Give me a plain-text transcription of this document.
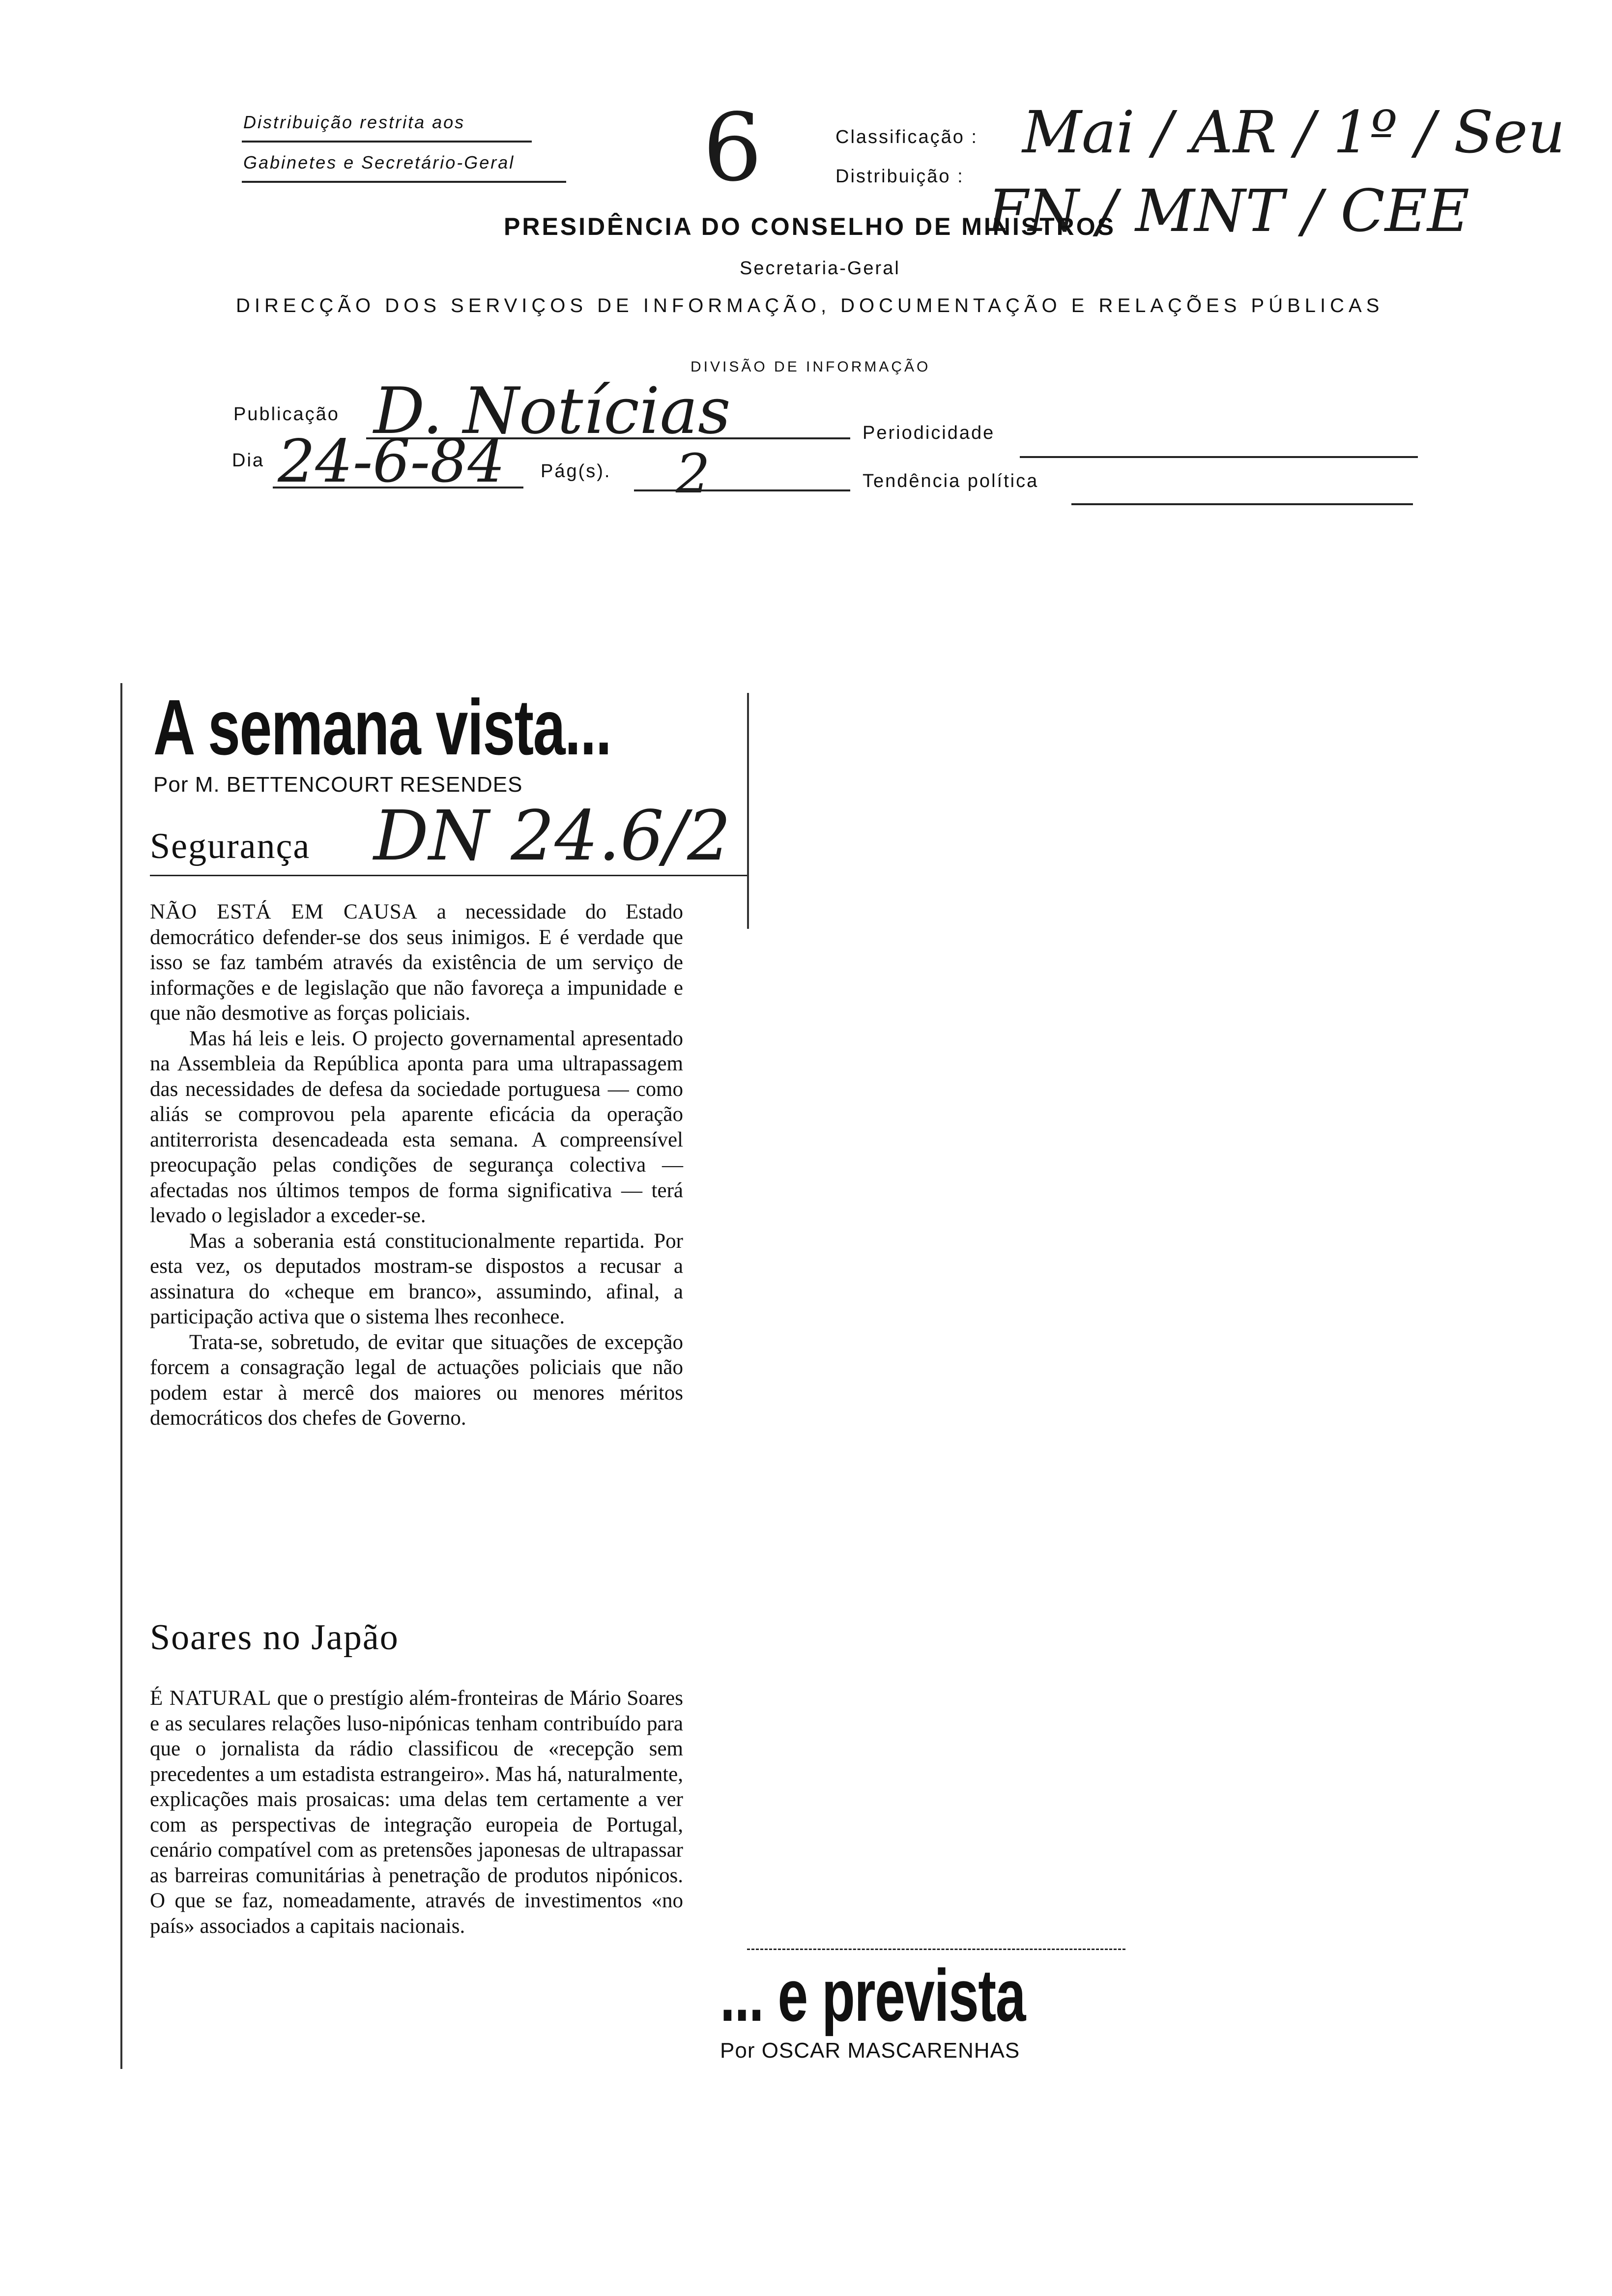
Distribuição restrita aos
Gabinetes e Secretário-Geral 6	Classificação :
Distribuição :
Mai / AR / 1º / Seu
FN / MNT / CEE
PRESIDÊNCIA DO CONSELHO DE MINISTROS
Secretaria-Geral
DIRECÇÃO DOS SERVIÇOS DE INFORMAÇÃO, DOCUMENTAÇÃO E RELAÇÕES PÚBLICAS
DIVISÃO DE INFORMAÇÃO
Publicação D. Notícias	Periodicidade
Dia 24-6-84 Pág(s). 2	Tendência política
A semana vista...
Por M. BETTENCOURT RESENDES
Segurança DN 24.6/2

NÃO ESTÁ EM CAUSA a necessidade do Estado democrático defender-se dos seus inimigos. E é verdade que isso se faz também através da existência de um serviço de informações e de legislação que não favoreça a impunidade e que não desmotive as forças policiais.

Mas há leis e leis. O projecto governamental apresentado na Assembleia da República aponta para uma ultrapassagem das necessidades de defesa da sociedade portuguesa — como aliás se comprovou pela aparente eficácia da operação antiterrorista desencadeada esta semana. A compreensível preocupação pelas condições de segurança colectiva — afectadas nos últimos tempos de forma significativa — terá levado o legislador a exceder-se.

Mas a soberania está constitucionalmente repartida. Por esta vez, os deputados mostram-se dispostos a recusar a assinatura do «cheque em branco», assumindo, afinal, a participação activa que o sistema lhes reconhece.

Trata-se, sobretudo, de evitar que situações de excepção forcem a consagração legal de actuações policiais que não podem estar à mercê dos maiores ou menores méritos democráticos dos chefes de Governo.

Soares no Japão

É NATURAL que o prestígio além-fronteiras de Mário Soares e as seculares relações luso-nipónicas tenham contribuído para que o jornalista da rádio classificou de «recepção sem precedentes a um estadista estrangeiro». Mas há, naturalmente, explicações mais prosaicas: uma delas tem certamente a ver com as perspectivas de integração europeia de Portugal, cenário compatível com as pretensões japonesas de ultrapassar as barreiras comunitárias à penetração de produtos nipónicos. O que se faz, nomeadamente, através de investimentos «no país» associados a capitais nacionais.

... e prevista
Por OSCAR MASCARENHAS
